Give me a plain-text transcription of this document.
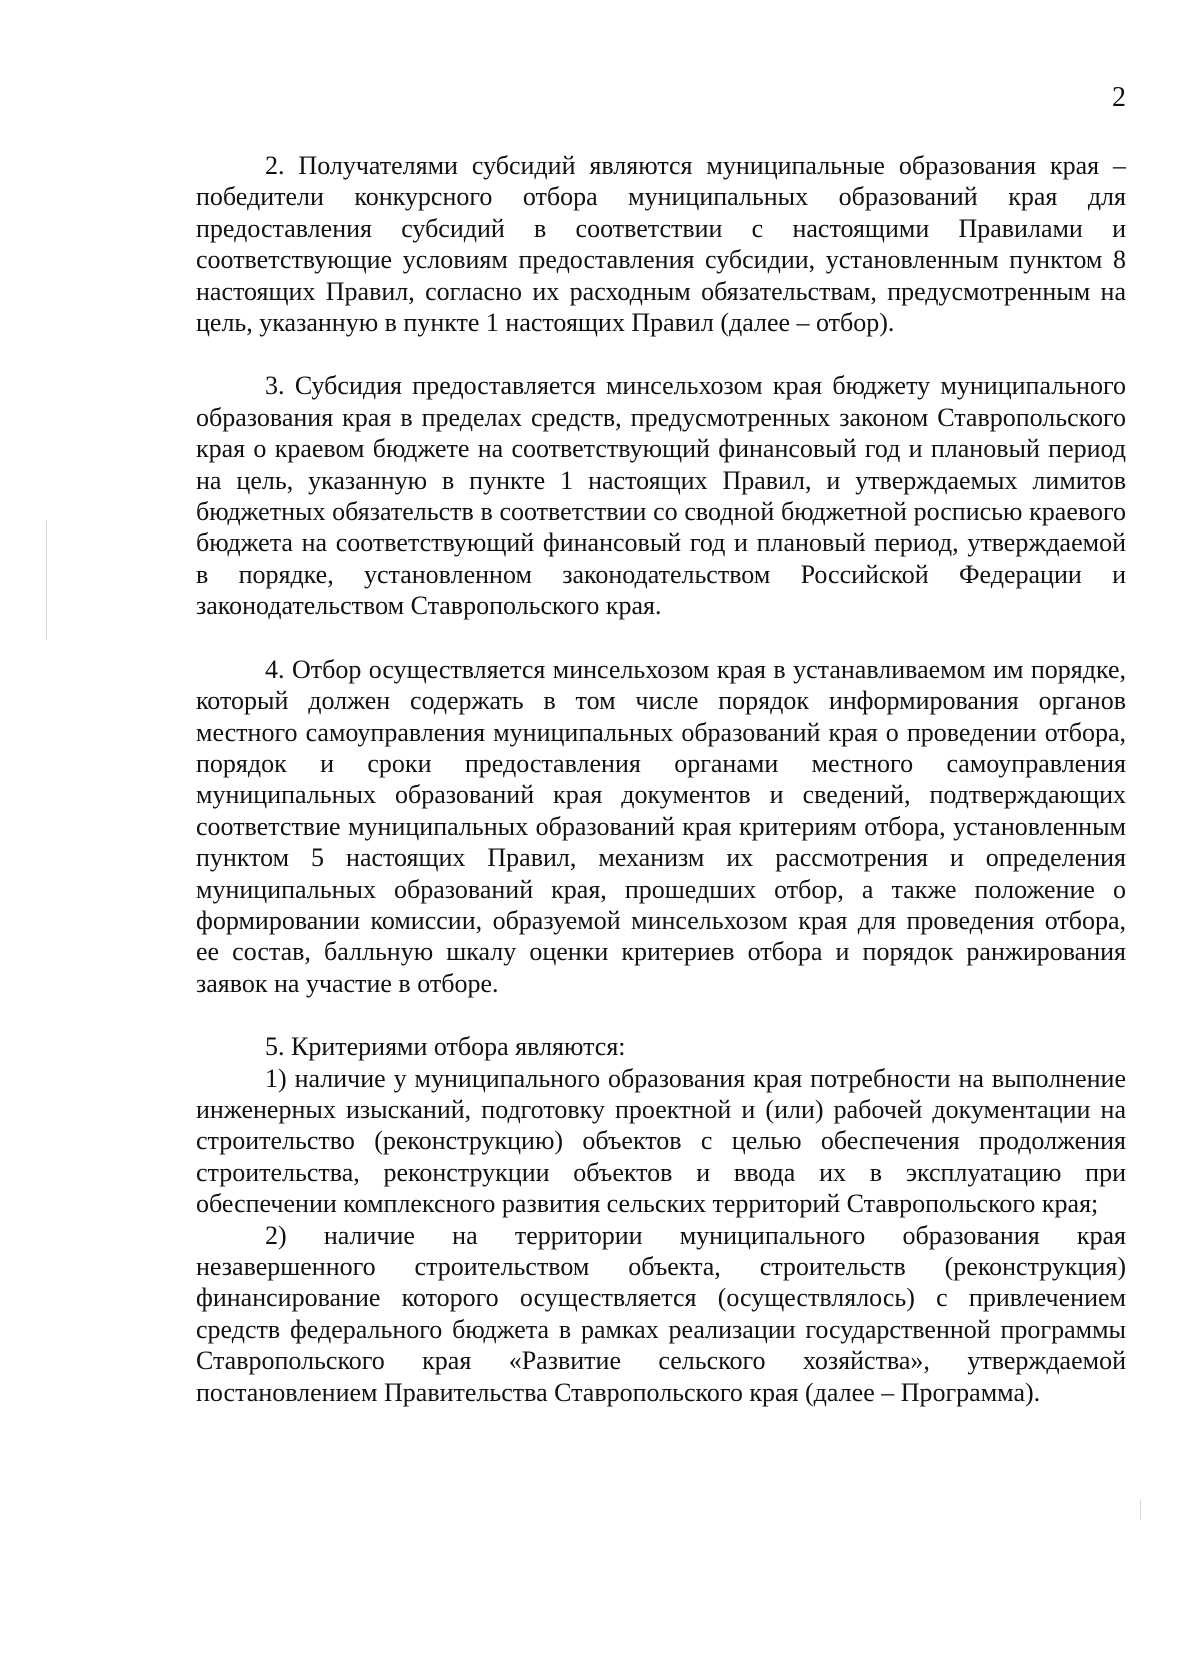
2

2. Получателями субсидий являются муниципальные образования края – победители конкурсного отбора муниципальных образований края для предоставления субсидий в соответствии с настоящими Правилами и соответствующие условиям предоставления субсидии, установленным пунктом 8 настоящих Правил, согласно их расходным обязательствам, предусмотренным на цель, указанную в пункте 1 настоящих Правил (далее – отбор).

3. Субсидия предоставляется минсельхозом края бюджету муниципального образования края в пределах средств, предусмотренных законом Ставропольского края о краевом бюджете на соответствующий финансовый год и плановый период на цель, указанную в пункте 1 настоящих Правил, и утверждаемых лимитов бюджетных обязательств в соответствии со сводной бюджетной росписью краевого бюджета на соответствующий финансовый год и плановый период, утверждаемой в порядке, установленном законодательством Российской Федерации и законодательством Ставропольского края.

4. Отбор осуществляется минсельхозом края в устанавливаемом им порядке, который должен содержать в том числе порядок информирования органов местного самоуправления муниципальных образований края о проведении отбора, порядок и сроки предоставления органами местного самоуправления муниципальных образований края документов и сведений, подтверждающих соответствие муниципальных образований края критериям отбора, установленным пунктом 5 настоящих Правил, механизм их рассмотрения и определения муниципальных образований края, прошедших отбор, а также положение о формировании комиссии, образуемой минсельхозом края для проведения отбора, ее состав, балльную шкалу оценки критериев отбора и порядок ранжирования заявок на участие в отборе.

5. Критериями отбора являются:

1) наличие у муниципального образования края потребности на выполнение инженерных изысканий, подготовку проектной и (или) рабочей документации на строительство (реконструкцию) объектов с целью обеспечения продолжения строительства, реконструкции объектов и ввода их в эксплуатацию при обеспечении комплексного развития сельских территорий Ставропольского края;

2) наличие на территории муниципального образования края незавершенного строительством объекта, строительств (реконструкция) финансирование которого осуществляется (осуществлялось) с привлечением средств федерального бюджета в рамках реализации государственной программы Ставропольского края «Развитие сельского хозяйства», утверждаемой постановлением Правительства Ставропольского края (далее – Программа).
